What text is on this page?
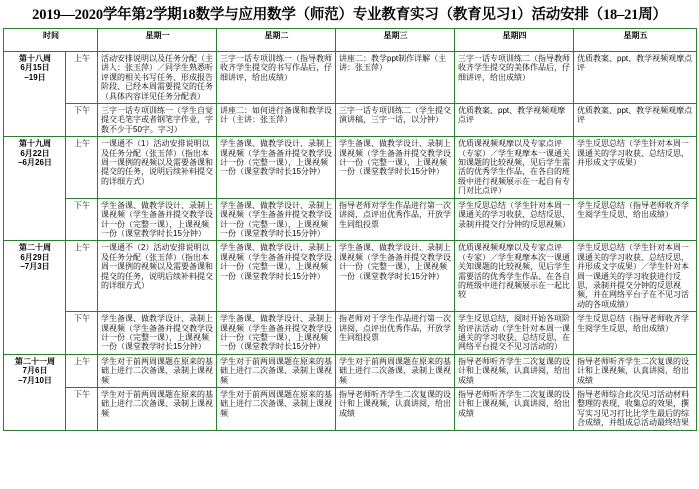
2019—2020学年第2学期18数学与应用数学（师范）专业教育实习（教育见习1）活动安排（18–21周）
时间		星期一	星期二	星期三	星期四	星期五
第十八周
6月15日
–19日	上午	活动安排说明以及任务分配（主讲人：张玉萍）／同学生熟悉听评课的相关书写任务、形成报告阶段、已经本周需要提交的任务（具体内容详见任务分配表）	三字一话专项训练一（指导教师收齐学生提交的书写作品后，仔细讲评，给出成绩）	讲座二：教学ppt制作详解（主讲：张玉萍）	三字一话专项训练二（指导教师收齐学生提交的美体作品后，仔细讲评，给出成绩）	优质教案、ppt、教学视频观摩点评
	下午	三字一话专项训练一（学生自觉提交毛笔字或者钢笔字作业，字数不少于50字。字习）	讲座二：如何进行备课和教学设计（主讲：张玉萍）	三字一话专项训练二（学生提交演讲稿，三字一话，以分钟）	优质教案、ppt、教学视频观摩点评	优质教案、ppt、教学视频观摩点评
第十九周
6月22日
–6月26日	上午	一课通不（1）活动安排说明以及任务分配（张玉萍）（指出本周一课例的视频以及需要备课和提交的任务，说明后续补料提交的详细方式）	学生备课、做教学设计、录制上课视频（学生备备并提交教学设计一份（完整一课），上课视频一份（课堂教学时长15分钟）	学生备课、做教学设计、录制上课视频（学生备备并提交教学设计一份（完整一课），上课视频一份（课堂教学时长15分钟）	优质课视频观摩以及专家点评（专家）／学生观摩本一课通关知课题的比较视频，见后学生需活的优秀学生作品、在各自的班级中进行视频展示在一起自有专门对比点评）	学生反思总结（学生针对本周一课通关的学习收获、总结反思，并形成文字成果）
	下午	学生备课、做教学设计、录制上课视频（学生备备并提交教学设计一份（完整一课），上课视频一份（课堂教学时长15分钟）	学生备课、做教学设计、录制上课视频（学生备备并提交教学设计一份（完整一课），上课视频一份（课堂教学时长15分钟）	指导老师对学生作品进行第一次讲阅，点评出优秀作品，开放学生同组投票	学生反思总结（学生针对本周一课通关的学习收获、总结反思，录制并提交行分钟的反思视频）	学生反思总结（指导老师收齐学生阅学生反思，给出成绩）
第二十周
6月29日
–7月3日	上午	一课通不（2）活动安排说明以及任务分配（张玉萍）（指出本周一课例的视频以及需要备课和提交的任务，说明后续补料提交的详细方式）	学生备课、做教学设计、录制上课视频（学生备备并提交教学设计一份（完整一课），上课视频一份（课堂教学时长15分钟）	学生备课、做教学设计、录制上课视频（学生备备并提交教学设计一份（完整一课），上课视频一份（课堂教学时长15分钟）	优质课视频观摩以及专家点评（专家）／学生观摩本次一课通关知课题的比较视频，见后学生需要活的优秀学生作品、在各自的班级中进行视频展示在一起比较	学生反思总结（学生针对本周一课通关的学习收获、总结反思，并形成文字成果）／学生针对本周一课通关的学习收获进行反思，录制并提交分钟的反思视频，并在网络平台子在不见习活动的各项成绩）
	下午	学生备课、做教学设计、录制上课视频（学生备备并提交教学设计一份（完整一课），上课视频一份（课堂教学时长15分钟）	学生备课、做教学设计、录制上课视频（学生备备并提交教学设计一份（完整一课），上课视频一份（课堂教学时长15分钟）	指老师对于学生作品进行第一次讲阅，点评出优秀作品，开放学生同组投票	学生反思总结，阅时开始各项阶给评法活动（学生针对本周一课通关的学习收获、总结反思，在网络平台提交不见习活动的）	学生反思总结（指导老师收齐学生阅学生反思，给出成绩）
第二十一周
7月6日
–7月10日	上午	学生对于前两周课题在原来的基础上进行二次备课、录制上课视频	学生对于前两周课题在原来的基础上进行二次备课、录制上课视频	学生对于前两周课题在原来的基础上进行二次备课、录制上课视频	指导老师听齐学生二次复课的设计和上课视频，认真讲阅，给出成绩	指导老师听齐学生二次复课的设计和上课视频，认真讲阅，给出成绩
	下午	学生对于前两周课题在原来的基础上进行二次备课、录制上课视频	学生对于前两周课题在原来的基础上进行二次备课、录制上课视频	指导老师听齐学生二次复课的设计和上课视频，认真讲阅，给出成绩	指导老师听齐学生二次复课的设计和上课视频，认真讲阅，给出成绩	指导老师综合此次见习活动材料整理的表现、收集总的效果，撰写实习见习打比比学生最后的综合成绩，并组成总活动最终结果
